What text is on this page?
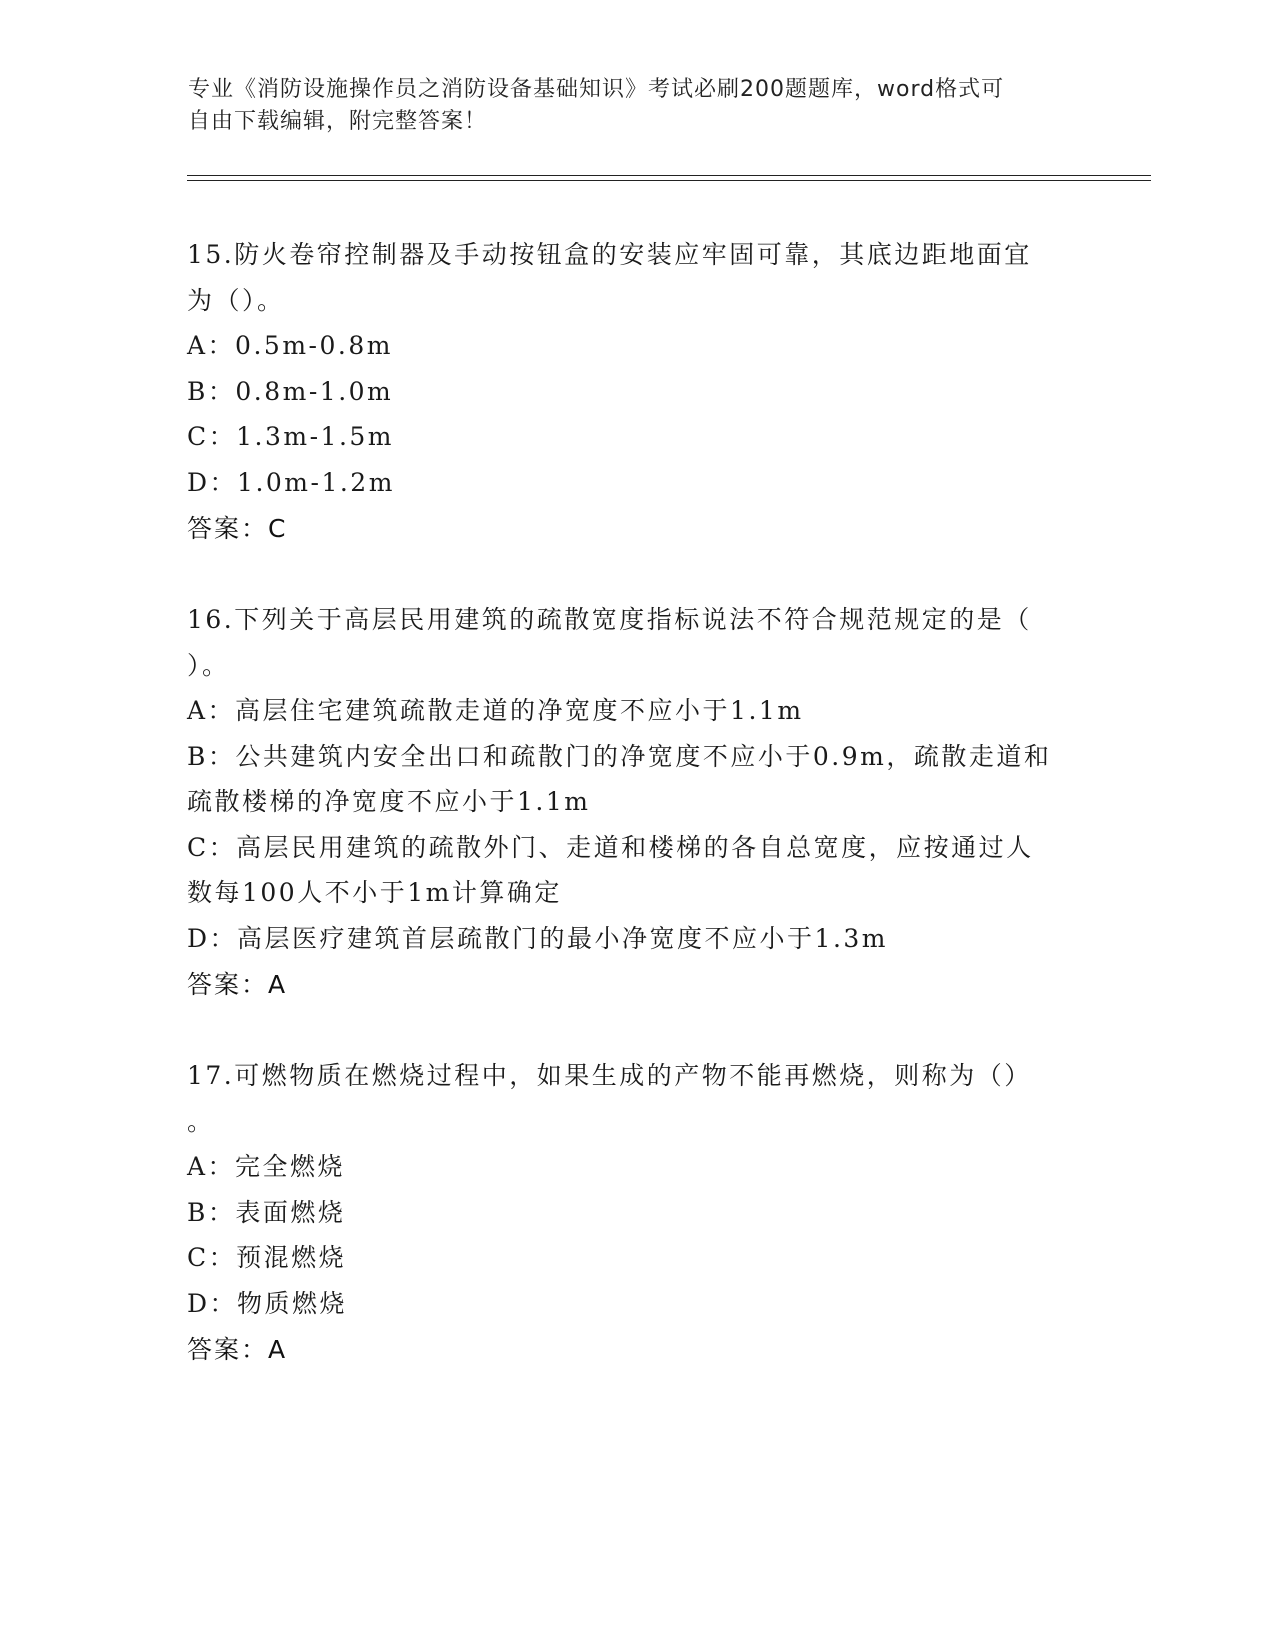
专业《消防设施操作员之消防设备基础知识》考试必刷200题题库，word格式可
自由下载编辑，附完整答案！
15.防火卷帘控制器及手动按钮盒的安装应牢固可靠，其底边距地面宜
为（）。
A：0.5m-0.8m
B：0.8m-1.0m
C：1.3m-1.5m
D：1.0m-1.2m
答案：C
16.下列关于高层民用建筑的疏散宽度指标说法不符合规范规定的是（
）。
A：高层住宅建筑疏散走道的净宽度不应小于1.1m
B：公共建筑内安全出口和疏散门的净宽度不应小于0.9m，疏散走道和
疏散楼梯的净宽度不应小于1.1m
C：高层民用建筑的疏散外门、走道和楼梯的各自总宽度，应按通过人
数每100人不小于1m计算确定
D：高层医疗建筑首层疏散门的最小净宽度不应小于1.3m
答案：A
17.可燃物质在燃烧过程中，如果生成的产物不能再燃烧，则称为（）
。
A：完全燃烧
B：表面燃烧
C：预混燃烧
D：物质燃烧
答案：A
